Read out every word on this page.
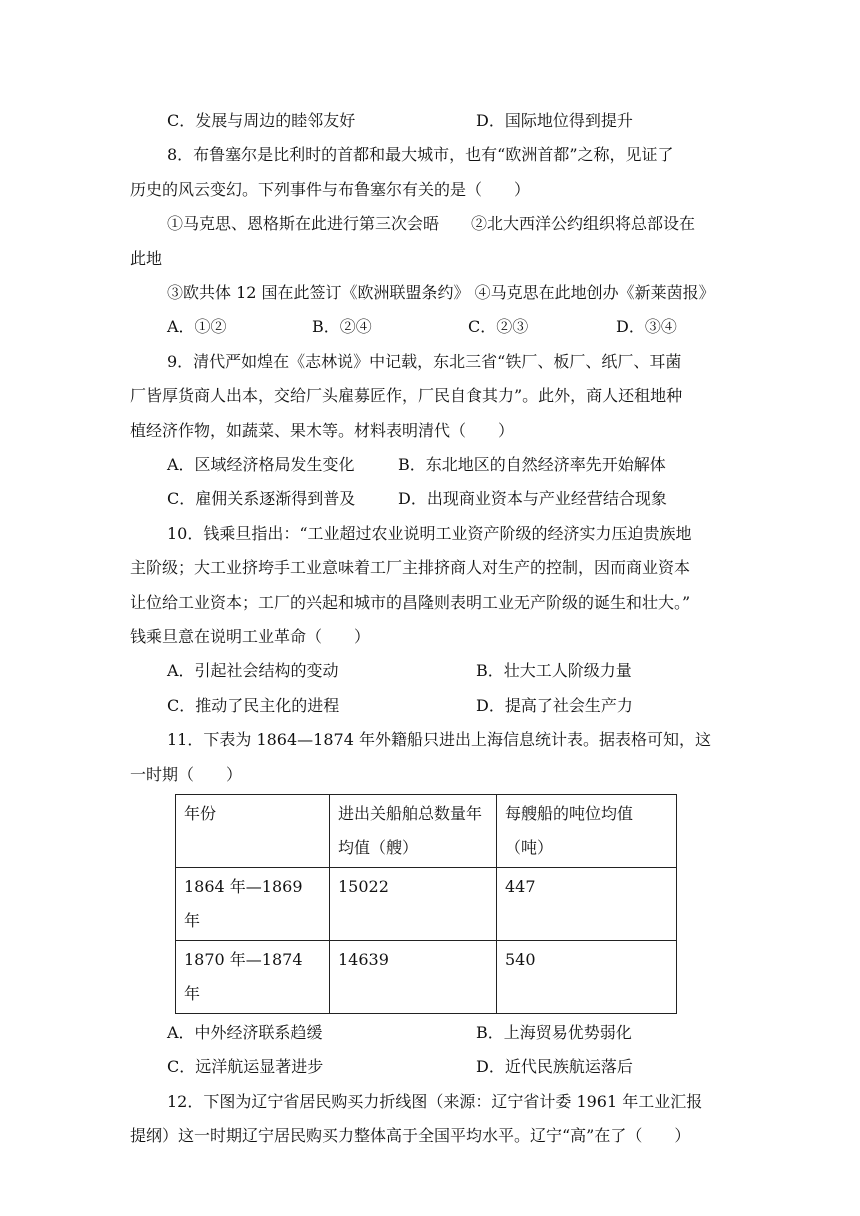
C．发展与周边的睦邻友好	D．国际地位得到提升
8．布鲁塞尔是比利时的首都和最大城市，也有“欧洲首都”之称，见证了
历史的风云变幻。下列事件与布鲁塞尔有关的是（　　）
①马克思、恩格斯在此进行第三次会晤　　②北大西洋公约组织将总部设在
此地
③欧共体 12 国在此签订《欧洲联盟条约》 ④马克思在此地创办《新莱茵报》
A．①②	B．②④	C．②③	D．③④
9．清代严如煌在《志林说》中记载，东北三省“铁厂、板厂、纸厂、耳菌
厂皆厚货商人出本，交给厂头雇募匠作，厂民自食其力”。此外，商人还租地种
植经济作物，如蔬菜、果木等。材料表明清代（　　）
A．区域经济格局发生变化	B．东北地区的自然经济率先开始解体
C．雇佣关系逐渐得到普及	D．出现商业资本与产业经营结合现象
10．钱乘旦指出：“工业超过农业说明工业资产阶级的经济实力压迫贵族地
主阶级；大工业挤垮手工业意味着工厂主排挤商人对生产的控制，因而商业资本
让位给工业资本；工厂的兴起和城市的昌隆则表明工业无产阶级的诞生和壮大。”
钱乘旦意在说明工业革命（　　）
A．引起社会结构的变动	B．壮大工人阶级力量
C．推动了民主化的进程	D．提高了社会生产力
11．下表为 1864—1874 年外籍船只进出上海信息统计表。据表格可知，这
一时期（　　）
年份	进出关船舶总数量年均值（艘）	每艘船的吨位均值（吨）
1864 年—1869 年	15022	447
1870 年—1874 年	14639	540
A．中外经济联系趋缓	B．上海贸易优势弱化
C．远洋航运显著进步	D．近代民族航运落后
12．下图为辽宁省居民购买力折线图（来源：辽宁省计委 1961 年工业汇报
提纲）这一时期辽宁居民购买力整体高于全国平均水平。辽宁“高”在了（　　）
